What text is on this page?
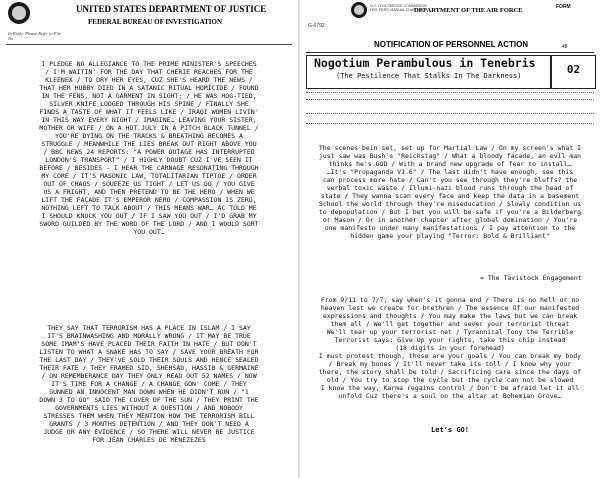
UNITED STATES DEPARTMENT OF JUSTICE
FEDERAL BUREAU OF INVESTIGATION
In Reply, Please Refer to File No.
I PLEDGE NO ALLEGIANCE TO THE PRIME MINISTER'S SPEECHES
/ I'M WAITIN' FOR THE DAY THAT CHERIE REACHES FOR THE
KLEENEX / TO DRY HER EYES, CUZ SHE'S HEARD THE NEWS /
THAT HER HUBBY DIED IN A SATANIC RITUAL HOMICIDE / FOUND
IN THE FENS, NOT A GARMENT IN SIGHT; / HE WAS HOG-TIED,
SILVER KNIFE LODGED THROUGH HIS SPINE / FINALLY SHE
FINDS A TASTE OF WHAT IT FEELS LIKE / IRAQI WOMEN LIVIN'
IN THIS WAY EVERY NIGHT / IMAGINE… LEAVING YOUR SISTER,
MOTHER OR WIFE / ON A HOT JULY IN A PITCH BLACK TUNNEL /
YOU'RE DYING ON THE TRACKS & BREATHING BECOMES A
STRUGGLE / MEANWHILE THE LIES BREAK OUT RIGHT ABOVE YOU
/ BBC NEWS 24 REPORTS: "A POWER OUTAGE HAS INTERRUPTED
LONDON'S TRANSPORT" / I HIGHLY DOUBT CUZ I'VE SEEN IT
BEFORE / BESIDES - I HEAR THE CARNAGE RESONATING THROUGH
MY CORE / IT'S MASONIC LAW, TOTALITARIAN TIPTOE / ORDER
OUT OF CHAOS / SQUEEZE US TIGHT / LET US GO / YOU GIVE
US A FRIGHT, AND THEN PRETEND TO BE THE HERO / WHEN WE
LIFT THE FAÇADE IT'S EMPEROR NERO / COMPASSION IS ZERO,
NOTHING LEFT TO TALK ABOUT / THIS MEANS WAR… AC TOLD ME
I SHOULD KNOCK YOU OUT / IF I SAW YOU OUT / I'D GRAB MY
SWORD GUILDED BY THE WORD OF THE LORD / AND I WOULD SORT
YOU OUT…
THEY SAY THAT TERRORISM HAS A PLACE IN ISLAM / I SAY
IT'S BRAINWASHING AND MORALLY WRONG / IT MAY BE TRUE
SOME IMAM'S HAVE PLACED THEIR FAITH IN HATE / BUT DON'T
LISTEN TO WHAT A SNAKE HAS TO SAY / SAVE YOUR BREATH FOR
THE LAST DAY / THEY'VE SOLD THEIR SOULS AND HENCE SEALED
THEIR FATE / THEY FRAMED SID, SHEHSAD, HASSIB & GERMAINE
/ ON REMEMBERANCE DAY THEY ONLY READ OUT 52 NAMES / NOW
IT'S TIME FOR A CHANGE / A CHANGE GON' COME / THEY
GUNNED AN INNOCENT MAN DOWN WHEN HE DIDN'T RUN / "1
DOWN 3 TO GO" SAID THE COVER OF THE SUN / THEY PRINT THE
GOVERNMENTS LIES WITHOUT A QUESTION / AND NOBODY
STRESSES THEM WHEN THEY MENTION HOW THE TERRORISM BILL
GRANTS / 3 MONTHS DETENTION / AND THEY DON'T NEED A
JUDGE OR ANY EVIDENCE / SO THERE WILL NEVER BE JUSTICE
FOR JEAN CHARLES DE MENEZEZES
U.S. CIVIL SERVICE COMMISSION
FED. PERS. MANUAL CHAP. 296	FORM
G-6792
48
DEPARTMENT OF THE AIR FORCE
NOTIFICATION OF PERSONNEL ACTION
Nogotium Perambulous in Tenebris
(The Pestilence That Stalks In The Darkness)	02
The scenes bein set, set up for Martial Law / On my screen's what I
just saw was Bush's "Reichstag" / What a bloody facade, an evil man
thinks he's GOD / With a brand new upgrade of fear to install…
…It's "Propaganda V1.6" / The last didn't have enough, see this
can process more hate / Can't you see through they're bluffs? the
verbal toxic waste / Illumi-nazi blood runs through the head of
state / They wanna scan every face and keep the data in a basement
School the world through they're miseducation / Slowly condition us
to depopulation / But I bet you will be safe if you're a Bilderberg
or Mason / Or in another chapter after global domination / You're
one manifesto under many manifestations / I pay attention to the
hidden game your playing "Terror: Bold & Brilliant"
= The Tavistock Engagement
From 9/11 to 7/7, say when's it gonna end / There is no hell or no
heaven lest we create for brethren / The essence Of our manifested
expressions and thoughts / You may make the laws but we can break
them all / We'll get together and sever your terrorist threat
We'll tear up your terrorist net / Tyrannical Tony the Terrible
Terrorist says: Give Up your rights, take this chip instead
(18 digits in your forehead)
I must protest though, those are your goals / You can break my body
/ Break my bones / It'll never take its toll / I know why your
there, the story shall be told / Sacrificing care since the days of
old / You try to stop the cycle but the cycle can not be slowed
I know the way, Karma regains control / Don't be afraid let it all
unfold Cuz there's a soul on the altar at Bohemian Grove…
Let's GO!
